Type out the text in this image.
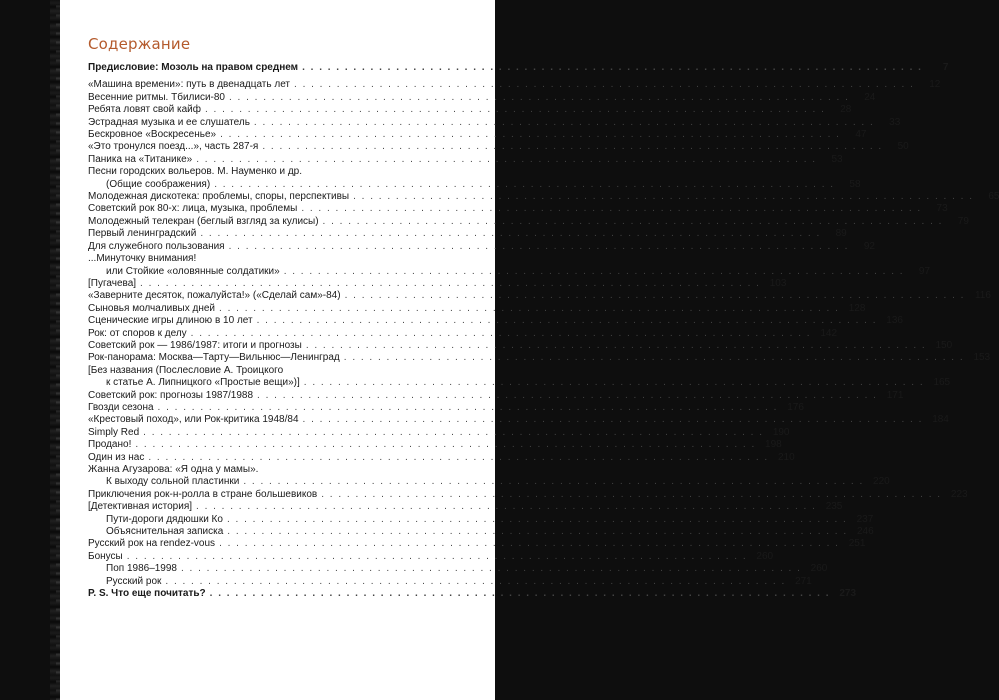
Содержание
Предисловие: Мозоль на правом среднем . . .	7
«Машина времени»: путь в двенадцать лет . . .	12
Весенние ритмы. Тбилиси-80 . . .	24
Ребята ловят свой кайф . . .	28
Эстрадная музыка и ее слушатель . . .	33
Бескровное «Воскресенье» . . .	47
«Это тронулся поезд...», часть 287-я . . .	50
Паника на «Титанике» . . .	53
Песни городских вольеров. М. Науменко и др.
(Общие соображения) . . .	58
Молодежная дискотека: проблемы, споры, перспективы . . .	65
Советский рок 80-х: лица, музыка, проблемы . . .	73
Молодежный телекран (беглый взгляд за кулисы) . . .	79
Первый ленинградский . . .	89
Для служебного пользования . . .	92
...Минуточку внимания!
или Стойкие «оловянные солдатики» . . .	97
[Пугачева] . . .	103
«Заверните десяток, пожалуйста!» («Сделай сам»-84) . . .	116
Сыновья молчаливых дней . . .	128
Сценические игры длиною в 10 лет . . .	136
Рок: от споров к делу . . .	142
Советский рок — 1986/1987: итоги и прогнозы . . .	150
Рок-панорама: Москва—Тарту—Вильнюс—Ленинград . . .	153
[Без названия (Послесловие А. Троицкого
к статье А. Липницкого «Простые вещи»)] . . .	165
Советский рок: прогнозы 1987/1988 . . .	171
Гвозди сезона . . .	176
«Крестовый поход», или Рок-критика 1948/84 . . .	184
Simply Red . . .	190
Продано! . . .	198
Один из нас . . .	210
Жанна Агузарова: «Я одна у мамы».
К выходу сольной пластинки . . .	220
Приключения рок-н-ролла в стране большевиков . . .	223
[Детективная история] . . .	235
Пути-дороги дядюшки Ко . . .	237
Объяснительная записка . . .	246
Русский рок на rendez-vous . . .	251
Бонусы . . .	260
Поп 1986–1998 . . .	260
Русский рок . . .	271
P. S. Что еще почитать? . . .	273
